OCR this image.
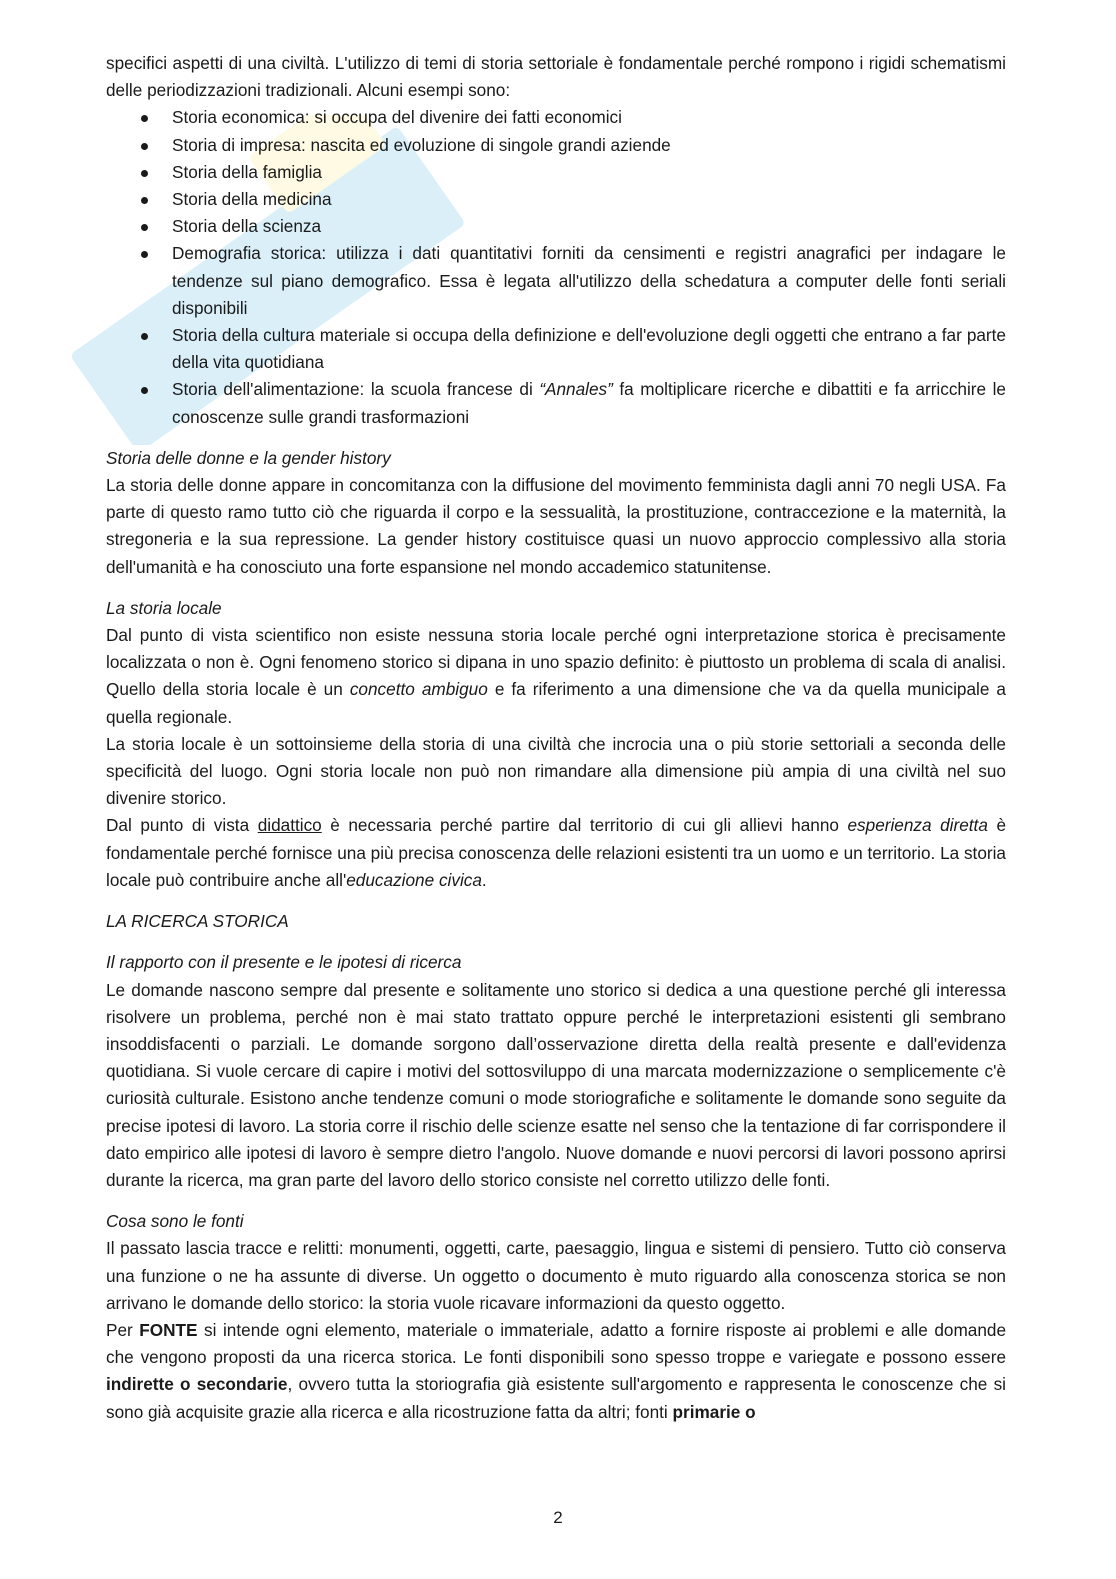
specifici aspetti di una civiltà. L'utilizzo di temi di storia settoriale è fondamentale perché rompono i rigidi schematismi delle periodizzazioni tradizionali. Alcuni esempi sono:

Storia economica: si occupa del divenire dei fatti economici
Storia di impresa: nascita ed evoluzione di singole grandi aziende
Storia della famiglia
Storia della medicina
Storia della scienza
Demografia storica: utilizza i dati quantitativi forniti da censimenti e registri anagrafici per indagare le tendenze sul piano demografico. Essa è legata all'utilizzo della schedatura a computer delle fonti seriali disponibili
Storia della cultura materiale si occupa della definizione e dell'evoluzione degli oggetti che entrano a far parte della vita quotidiana
Storia dell'alimentazione: la scuola francese di “Annales” fa moltiplicare ricerche e dibattiti e fa arricchire le conoscenze sulle grandi trasformazioni

Storia delle donne e la gender history

La storia delle donne appare in concomitanza con la diffusione del movimento femminista dagli anni 70 negli USA. Fa parte di questo ramo tutto ciò che riguarda il corpo e la sessualità, la prostituzione, contraccezione e la maternità, la stregoneria e la sua repressione. La gender history costituisce quasi un nuovo approccio complessivo alla storia dell'umanità e ha conosciuto una forte espansione nel mondo accademico statunitense.

La storia locale

Dal punto di vista scientifico non esiste nessuna storia locale perché ogni interpretazione storica è precisamente localizzata o non è. Ogni fenomeno storico si dipana in uno spazio definito: è piuttosto un problema di scala di analisi. Quello della storia locale è un concetto ambiguo e fa riferimento a una dimensione che va da quella municipale a quella regionale.

La storia locale è un sottoinsieme della storia di una civiltà che incrocia una o più storie settoriali a seconda delle specificità del luogo. Ogni storia locale non può non rimandare alla dimensione più ampia di una civiltà nel suo divenire storico.

Dal punto di vista didattico è necessaria perché partire dal territorio di cui gli allievi hanno esperienza diretta è fondamentale perché fornisce una più precisa conoscenza delle relazioni esistenti tra un uomo e un territorio. La storia locale può contribuire anche all'educazione civica.

LA RICERCA STORICA

Il rapporto con il presente e le ipotesi di ricerca

Le domande nascono sempre dal presente e solitamente uno storico si dedica a una questione perché gli interessa risolvere un problema, perché non è mai stato trattato oppure perché le interpretazioni esistenti gli sembrano insoddisfacenti o parziali. Le domande sorgono dall’osservazione diretta della realtà presente e dall'evidenza quotidiana. Si vuole cercare di capire i motivi del sottosviluppo di una marcata modernizzazione o semplicemente c'è curiosità culturale. Esistono anche tendenze comuni o mode storiografiche e solitamente le domande sono seguite da precise ipotesi di lavoro. La storia corre il rischio delle scienze esatte nel senso che la tentazione di far corrispondere il dato empirico alle ipotesi di lavoro è sempre dietro l'angolo. Nuove domande e nuovi percorsi di lavori possono aprirsi durante la ricerca, ma gran parte del lavoro dello storico consiste nel corretto utilizzo delle fonti.

Cosa sono le fonti

Il passato lascia tracce e relitti: monumenti, oggetti, carte, paesaggio, lingua e sistemi di pensiero. Tutto ciò conserva una funzione o ne ha assunte di diverse. Un oggetto o documento è muto riguardo alla conoscenza storica se non arrivano le domande dello storico: la storia vuole ricavare informazioni da questo oggetto.

Per FONTE si intende ogni elemento, materiale o immateriale, adatto a fornire risposte ai problemi e alle domande che vengono proposti da una ricerca storica. Le fonti disponibili sono spesso troppe e variegate e possono essere indirette o secondarie, ovvero tutta la storiografia già esistente sull'argomento e rappresenta le conoscenze che si sono già acquisite grazie alla ricerca e alla ricostruzione fatta da altri; fonti primarie o

2
